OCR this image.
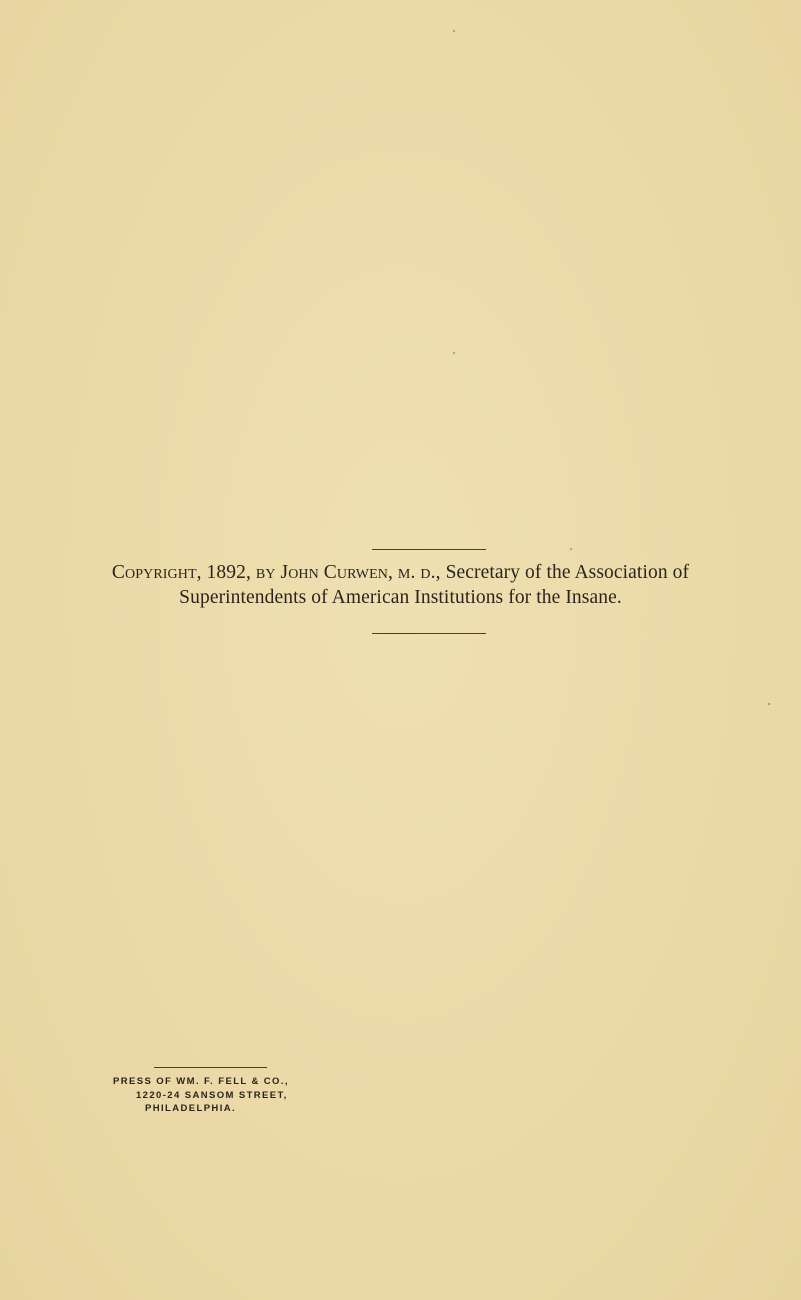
Copyright, 1892, by John Curwen, m. d., Secretary of the Association of
Superintendents of American Institutions for the Insane.
PRESS OF WM. F. FELL & CO.,
1220-24 SANSOM STREET,
PHILADELPHIA.
